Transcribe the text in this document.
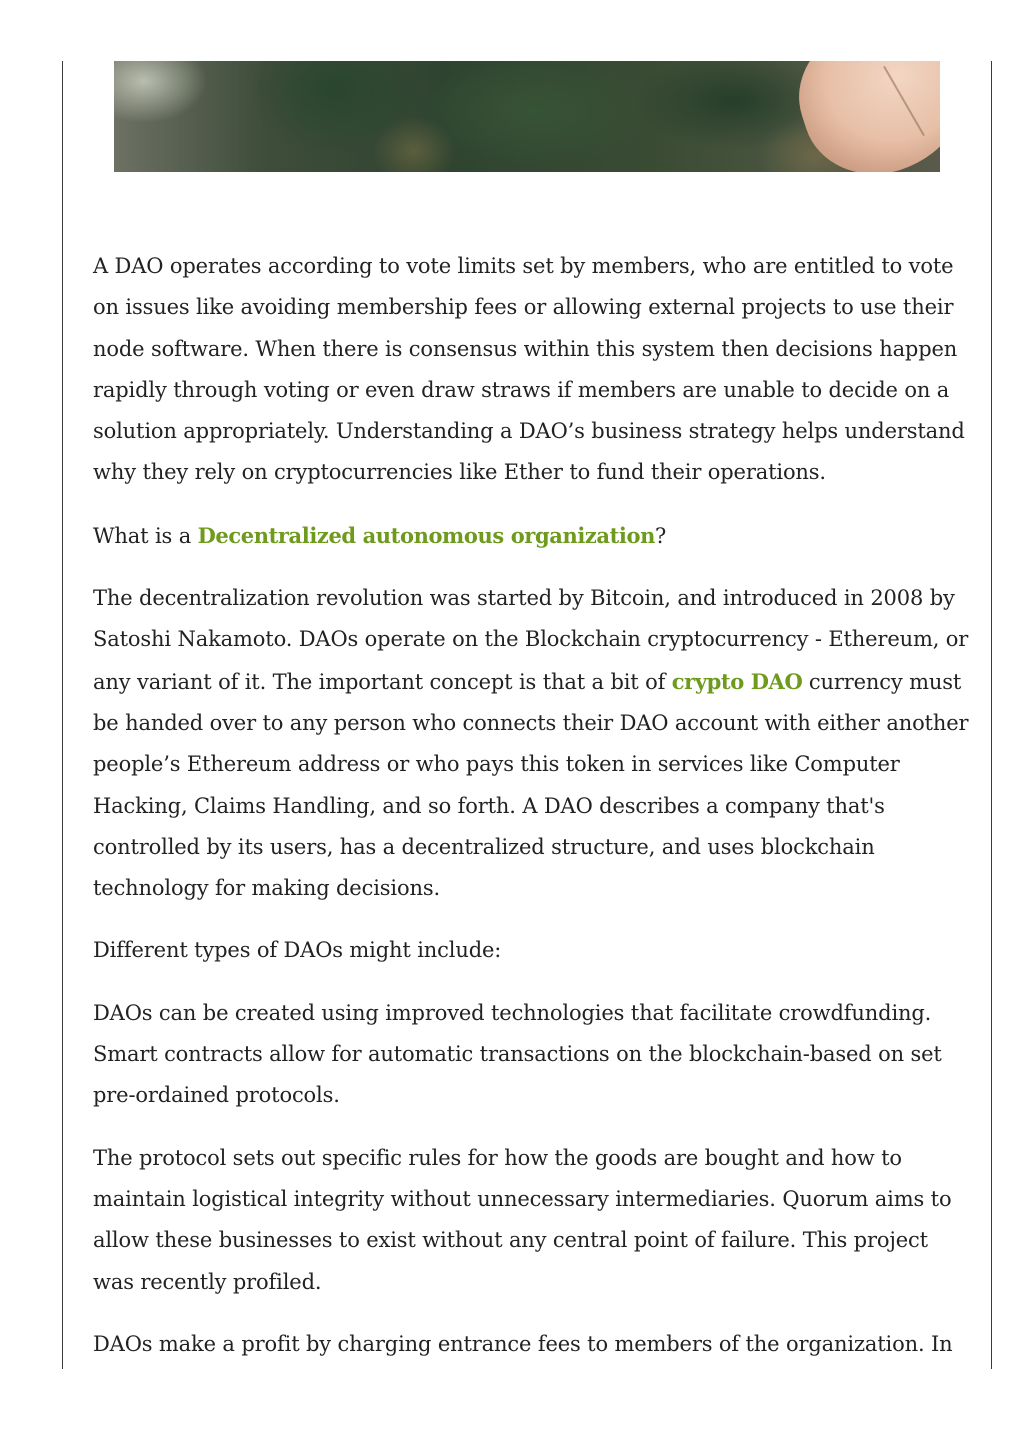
A DAO operates according to vote limits set by members, who are entitled to vote on issues like avoiding membership fees or allowing external projects to use their node software. When there is consensus within this system then decisions happen rapidly through voting or even draw straws if members are unable to decide on a solution appropriately. Understanding a DAO’s business strategy helps understand why they rely on cryptocurrencies like Ether to fund their operations.

What is a Decentralized autonomous organization?

The decentralization revolution was started by Bitcoin, and introduced in 2008 by Satoshi Nakamoto. DAOs operate on the Blockchain cryptocurrency - Ethereum, or any variant of it. The important concept is that a bit of crypto DAO currency must be handed over to any person who connects their DAO account with either another people’s Ethereum address or who pays this token in services like Computer Hacking, Claims Handling, and so forth. A DAO describes a company that's controlled by its users, has a decentralized structure, and uses blockchain technology for making decisions.

Different types of DAOs might include:

DAOs can be created using improved technologies that facilitate crowdfunding. Smart contracts allow for automatic transactions on the blockchain-based on set pre-ordained protocols.

The protocol sets out specific rules for how the goods are bought and how to maintain logistical integrity without unnecessary intermediaries. Quorum aims to allow these businesses to exist without any central point of failure. This project was recently profiled.

DAOs make a profit by charging entrance fees to members of the organization. In
